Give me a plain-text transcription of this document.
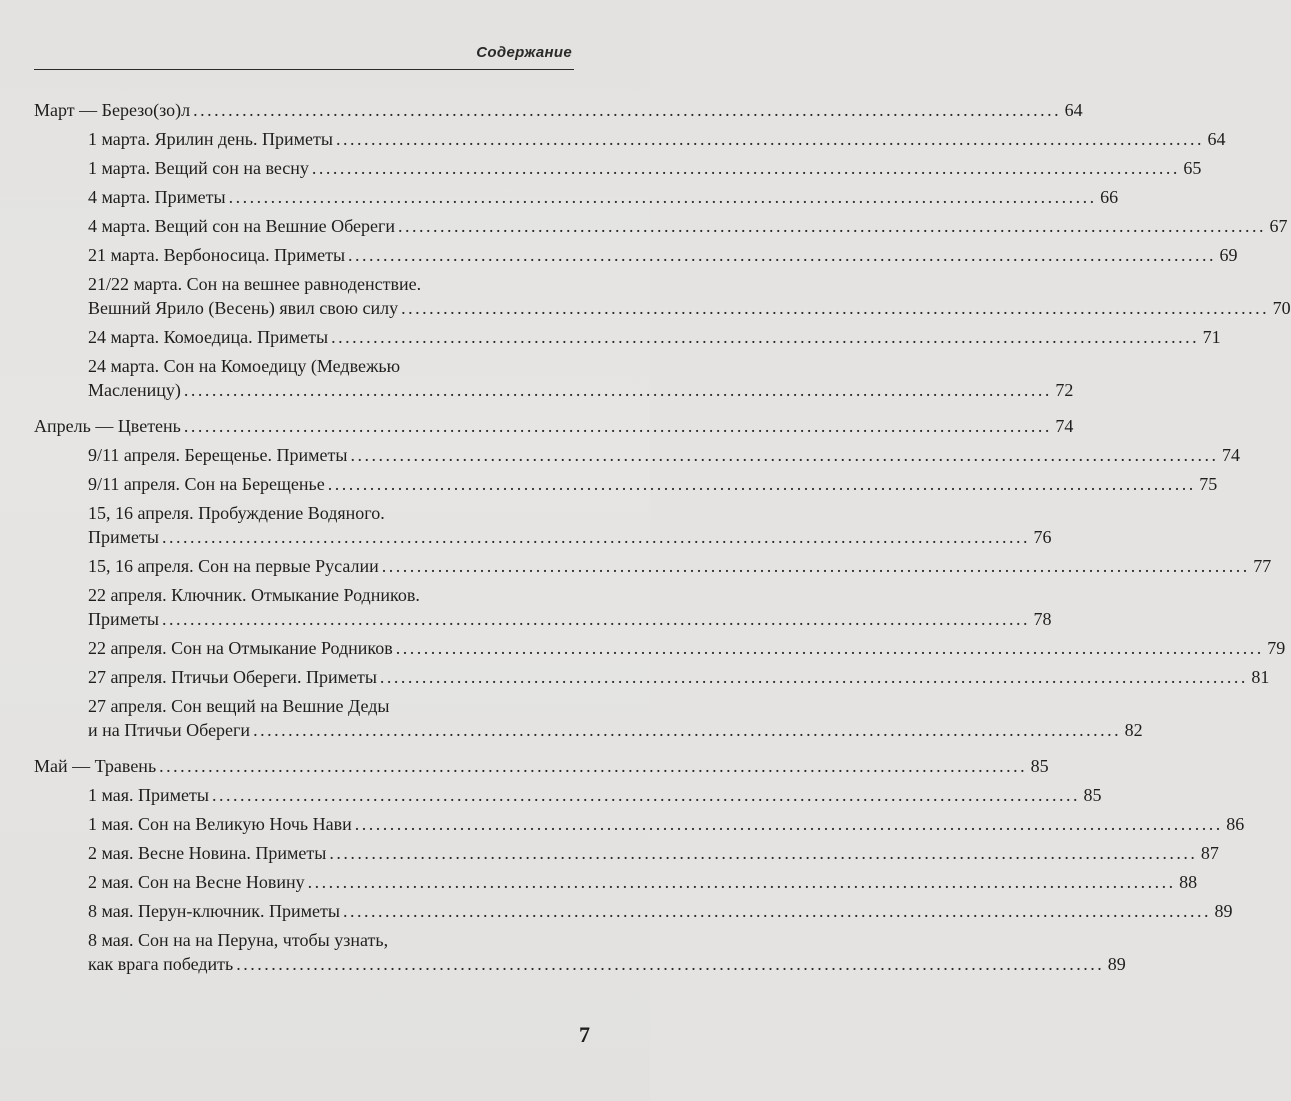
Содержание
Март — Березо(зо)л . . .	64
1 марта. Ярилин день. Приметы . . .	64
1 марта. Вещий сон на весну . . .	65
4 марта. Приметы . . .	66
4 марта. Вещий сон на Вешние Обереги . . .	67
21 марта. Вербоносица. Приметы . . .	69
21/22 марта. Сон на вешнее равноденствие.
Вешний Ярило (Весень) явил свою силу . . .	70
24 марта. Комоедица. Приметы . . .	71
24 марта. Сон на Комоедицу (Медвежью
Масленицу) . . .	72
Апрель — Цветень . . .	74
9/11 апреля. Берещенье. Приметы . . .	74
9/11 апреля. Сон на Берещенье . . .	75
15, 16 апреля. Пробуждение Водяного.
Приметы . . .	76
15, 16 апреля. Сон на первые Русалии . . .	77
22 апреля. Ключник. Отмыкание Родников.
Приметы . . .	78
22 апреля. Сон на Отмыкание Родников . . .	79
27 апреля. Птичьи Обереги. Приметы . . .	81
27 апреля. Сон вещий на Вешние Деды
и на Птичьи Обереги . . .	82
Май — Травень . . .	85
1 мая. Приметы . . .	85
1 мая. Сон на Великую Ночь Нави . . .	86
2 мая. Весне Новина. Приметы . . .	87
2 мая. Сон на Весне Новину . . .	88
8 мая. Перун-ключник. Приметы . . .	89
8 мая. Сон на на Перуна, чтобы узнать,
как врага победить . . .	89
7
